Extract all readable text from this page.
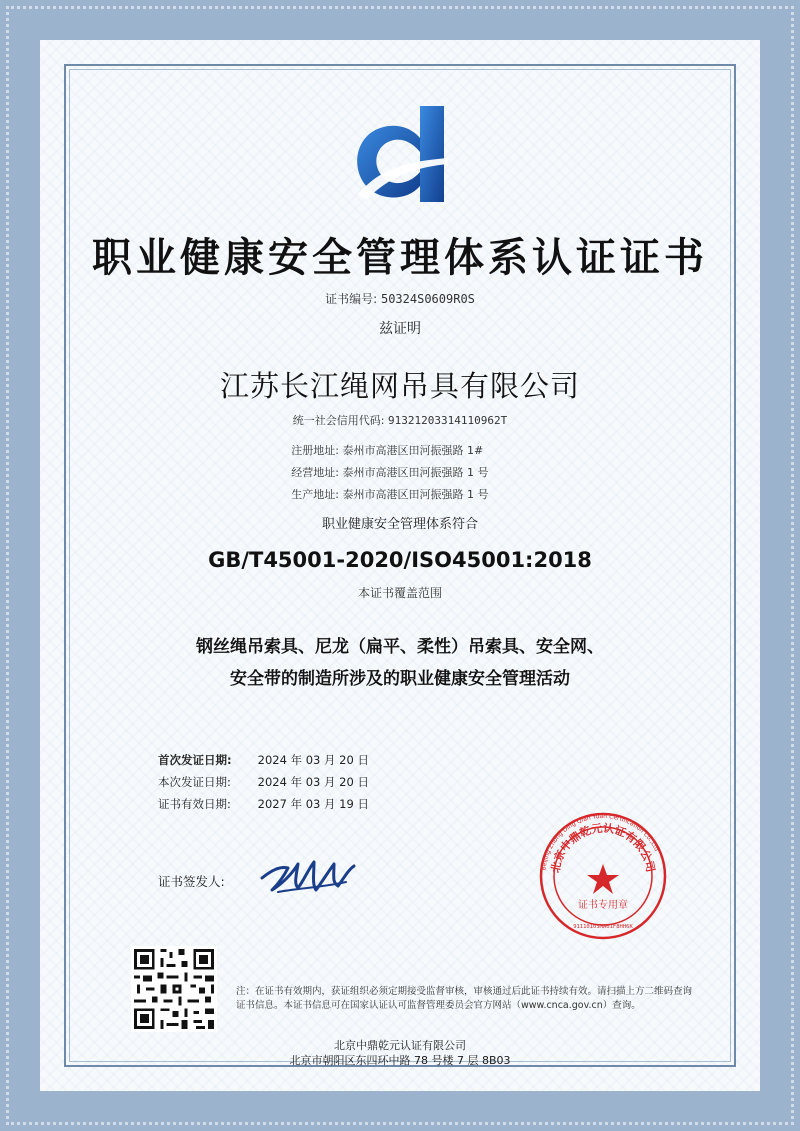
职业健康安全管理体系认证证书
证书编号: 50324S0609R0S
兹证明
江苏长江绳网吊具有限公司
统一社会信用代码: 91321203314110962T
注册地址: 泰州市高港区田河振强路 1#
经营地址: 泰州市高港区田河振强路 1 号
生产地址: 泰州市高港区田河振强路 1 号
职业健康安全管理体系符合
GB/T45001-2020/ISO45001:2018
本证书覆盖范围
钢丝绳吊索具、尼龙（扁平、柔性）吊索具、安全网、
安全带的制造所涉及的职业健康安全管理活动
首次发证日期: 2024 年 03 月 20 日
本次发证日期: 2024 年 03 月 20 日
证书有效日期: 2027 年 03 月 19 日
证书签发人:
Beijing Zhong Ding Qian Yuan Certification Co.,Ltd
北京中鼎乾元认证有限公司
证书专用章
9111010SMA01F8HH6K
注：在证书有效期内，获证组织必须定期接受监督审核，审核通过后此证书持续有效。请扫描上方二维码查询证书信息。本证书信息可在国家认证认可监督管理委员会官方网站（www.cnca.gov.cn）查询。
北京中鼎乾元认证有限公司
北京市朝阳区东四环中路 78 号楼 7 层 8B03
